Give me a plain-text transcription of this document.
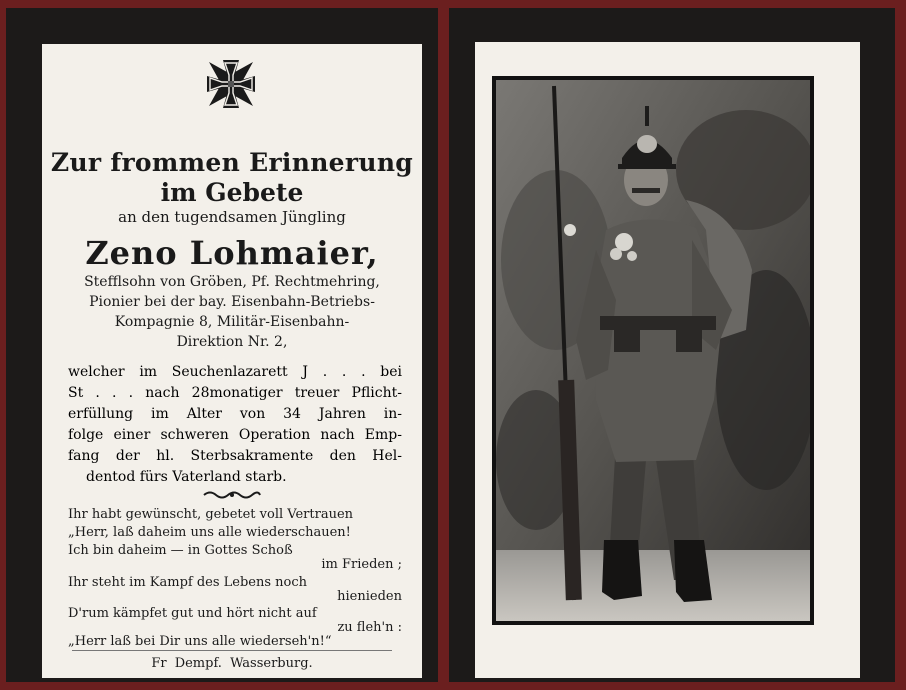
Zur frommen Erinnerung
im Gebete
an den tugendsamen Jüngling
Zeno Lohmaier,
Stefflsohn von Gröben, Pf. Rechtmehring,
Pionier bei der bay. Eisenbahn-Betriebs-
Kompagnie 8, Militär-Eisenbahn-
Direktion Nr. 2,
welcher im Seuchenlazarett J . . . bei
St . . . nach 28monatiger treuer Pflicht-
erfüllung im Alter von 34 Jahren in-
folge einer schweren Operation nach Emp-
fang der hl. Sterbsakramente den Hel-
dentod fürs Vaterland starb.
Ihr habt gewünscht, gebetet voll Vertrauen
„Herr, laß daheim uns alle wiederschauen!
Ich bin daheim — in Gottes Schoß
im Frieden ;
Ihr steht im Kampf des Lebens noch
hienieden
D'rum kämpfet gut und hört nicht auf
zu fleh'n :
„Herr laß bei Dir uns alle wiederseh'n!“
Fr Dempf. Wasserburg.
